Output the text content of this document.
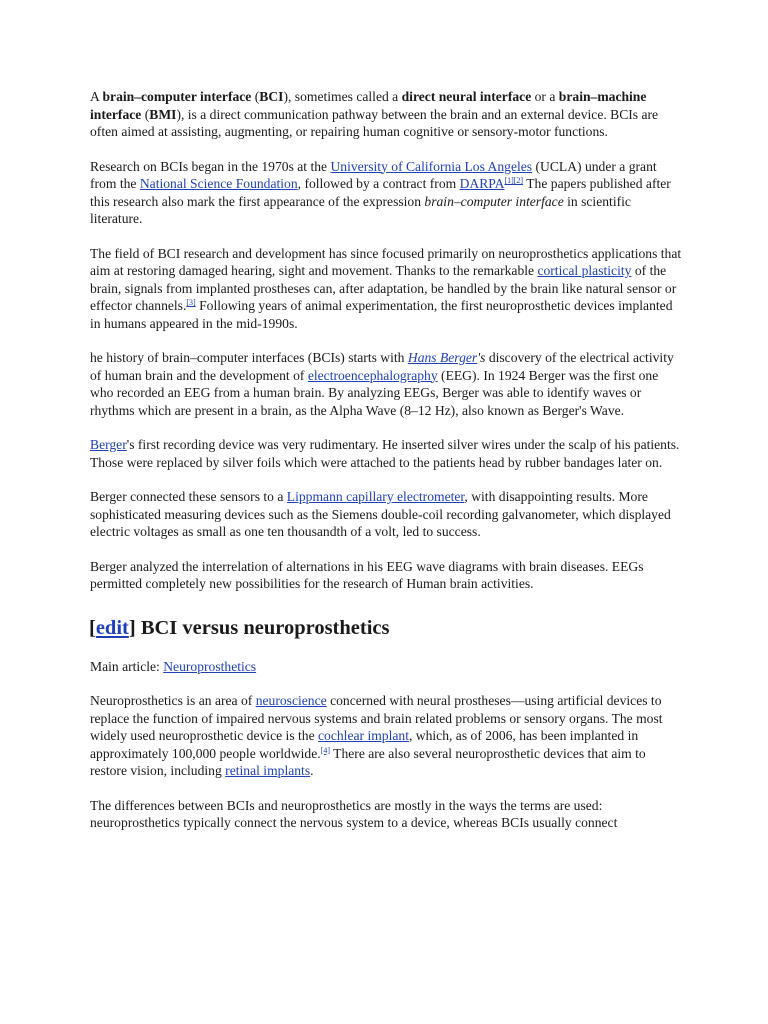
A brain–computer interface (BCI), sometimes called a direct neural interface or a brain–machine interface (BMI), is a direct communication pathway between the brain and an external device. BCIs are often aimed at assisting, augmenting, or repairing human cognitive or sensory-motor functions.

Research on BCIs began in the 1970s at the University of California Los Angeles (UCLA) under a grant from the National Science Foundation, followed by a contract from DARPA[1][2] The papers published after this research also mark the first appearance of the expression brain–computer interface in scientific literature.

The field of BCI research and development has since focused primarily on neuroprosthetics applications that aim at restoring damaged hearing, sight and movement. Thanks to the remarkable cortical plasticity of the brain, signals from implanted prostheses can, after adaptation, be handled by the brain like natural sensor or effector channels.[3] Following years of animal experimentation, the first neuroprosthetic devices implanted in humans appeared in the mid-1990s.

he history of brain–computer interfaces (BCIs) starts with Hans Berger's discovery of the electrical activity of human brain and the development of electroencephalography (EEG). In 1924 Berger was the first one who recorded an EEG from a human brain. By analyzing EEGs, Berger was able to identify waves or rhythms which are present in a brain, as the Alpha Wave (8–12 Hz), also known as Berger's Wave.

Berger's first recording device was very rudimentary. He inserted silver wires under the scalp of his patients. Those were replaced by silver foils which were attached to the patients head by rubber bandages later on.

Berger connected these sensors to a Lippmann capillary electrometer, with disappointing results. More sophisticated measuring devices such as the Siemens double-coil recording galvanometer, which displayed electric voltages as small as one ten thousandth of a volt, led to success.

Berger analyzed the interrelation of alternations in his EEG wave diagrams with brain diseases. EEGs permitted completely new possibilities for the research of Human brain activities.

[edit] BCI versus neuroprosthetics

Main article: Neuroprosthetics

Neuroprosthetics is an area of neuroscience concerned with neural prostheses—using artificial devices to replace the function of impaired nervous systems and brain related problems or sensory organs. The most widely used neuroprosthetic device is the cochlear implant, which, as of 2006, has been implanted in approximately 100,000 people worldwide.[4] There are also several neuroprosthetic devices that aim to restore vision, including retinal implants.

The differences between BCIs and neuroprosthetics are mostly in the ways the terms are used: neuroprosthetics typically connect the nervous system to a device, whereas BCIs usually connect
